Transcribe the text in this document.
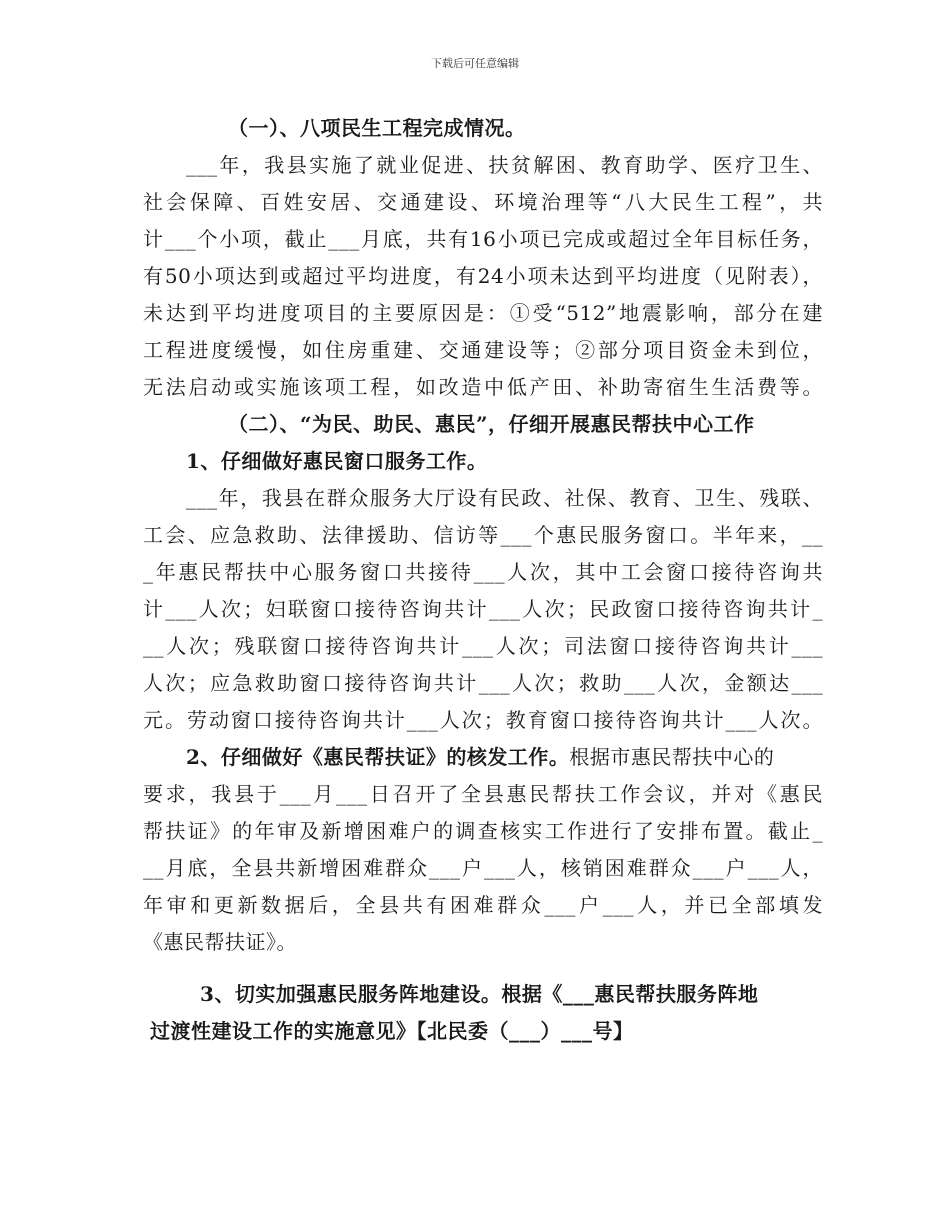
下载后可任意编辑
（一）、八项民生工程完成情况。
___年，我县实施了就业促进、扶贫解困、教育助学、医疗卫生、
社会保障、百姓安居、交通建设、环境治理等“八大民生工程”，共
计___个小项，截止___月底，共有16小项已完成或超过全年目标任务，
有50小项达到或超过平均进度，有24小项未达到平均进度（见附表），
未达到平均进度项目的主要原因是：①受“512”地震影响，部分在建
工程进度缓慢，如住房重建、交通建设等；②部分项目资金未到位，
无法启动或实施该项工程，如改造中低产田、补助寄宿生生活费等。
（二）、“为民、助民、惠民”，仔细开展惠民帮扶中心工作
1、仔细做好惠民窗口服务工作。
___年，我县在群众服务大厅设有民政、社保、教育、卫生、残联、
工会、应急救助、法律援助、信访等___个惠民服务窗口。半年来，__
_年惠民帮扶中心服务窗口共接待___人次，其中工会窗口接待咨询共
计___人次；妇联窗口接待咨询共计___人次；民政窗口接待咨询共计_
__人次；残联窗口接待咨询共计___人次；司法窗口接待咨询共计___
人次；应急救助窗口接待咨询共计___人次；救助___人次，金额达___
元。劳动窗口接待咨询共计___人次；教育窗口接待咨询共计___人次。
2、仔细做好《惠民帮扶证》的核发工作。根据市惠民帮扶中心的
要求，我县于___月___日召开了全县惠民帮扶工作会议，并对《惠民
帮扶证》的年审及新增困难户的调查核实工作进行了安排布置。截止_
__月底，全县共新增困难群众___户___人，核销困难群众___户___人，
年审和更新数据后，全县共有困难群众___户___人，并已全部填发
《惠民帮扶证》。
3、切实加强惠民服务阵地建设。根据《___惠民帮扶服务阵地
过渡性建设工作的实施意见》【北民委（___）___号】
